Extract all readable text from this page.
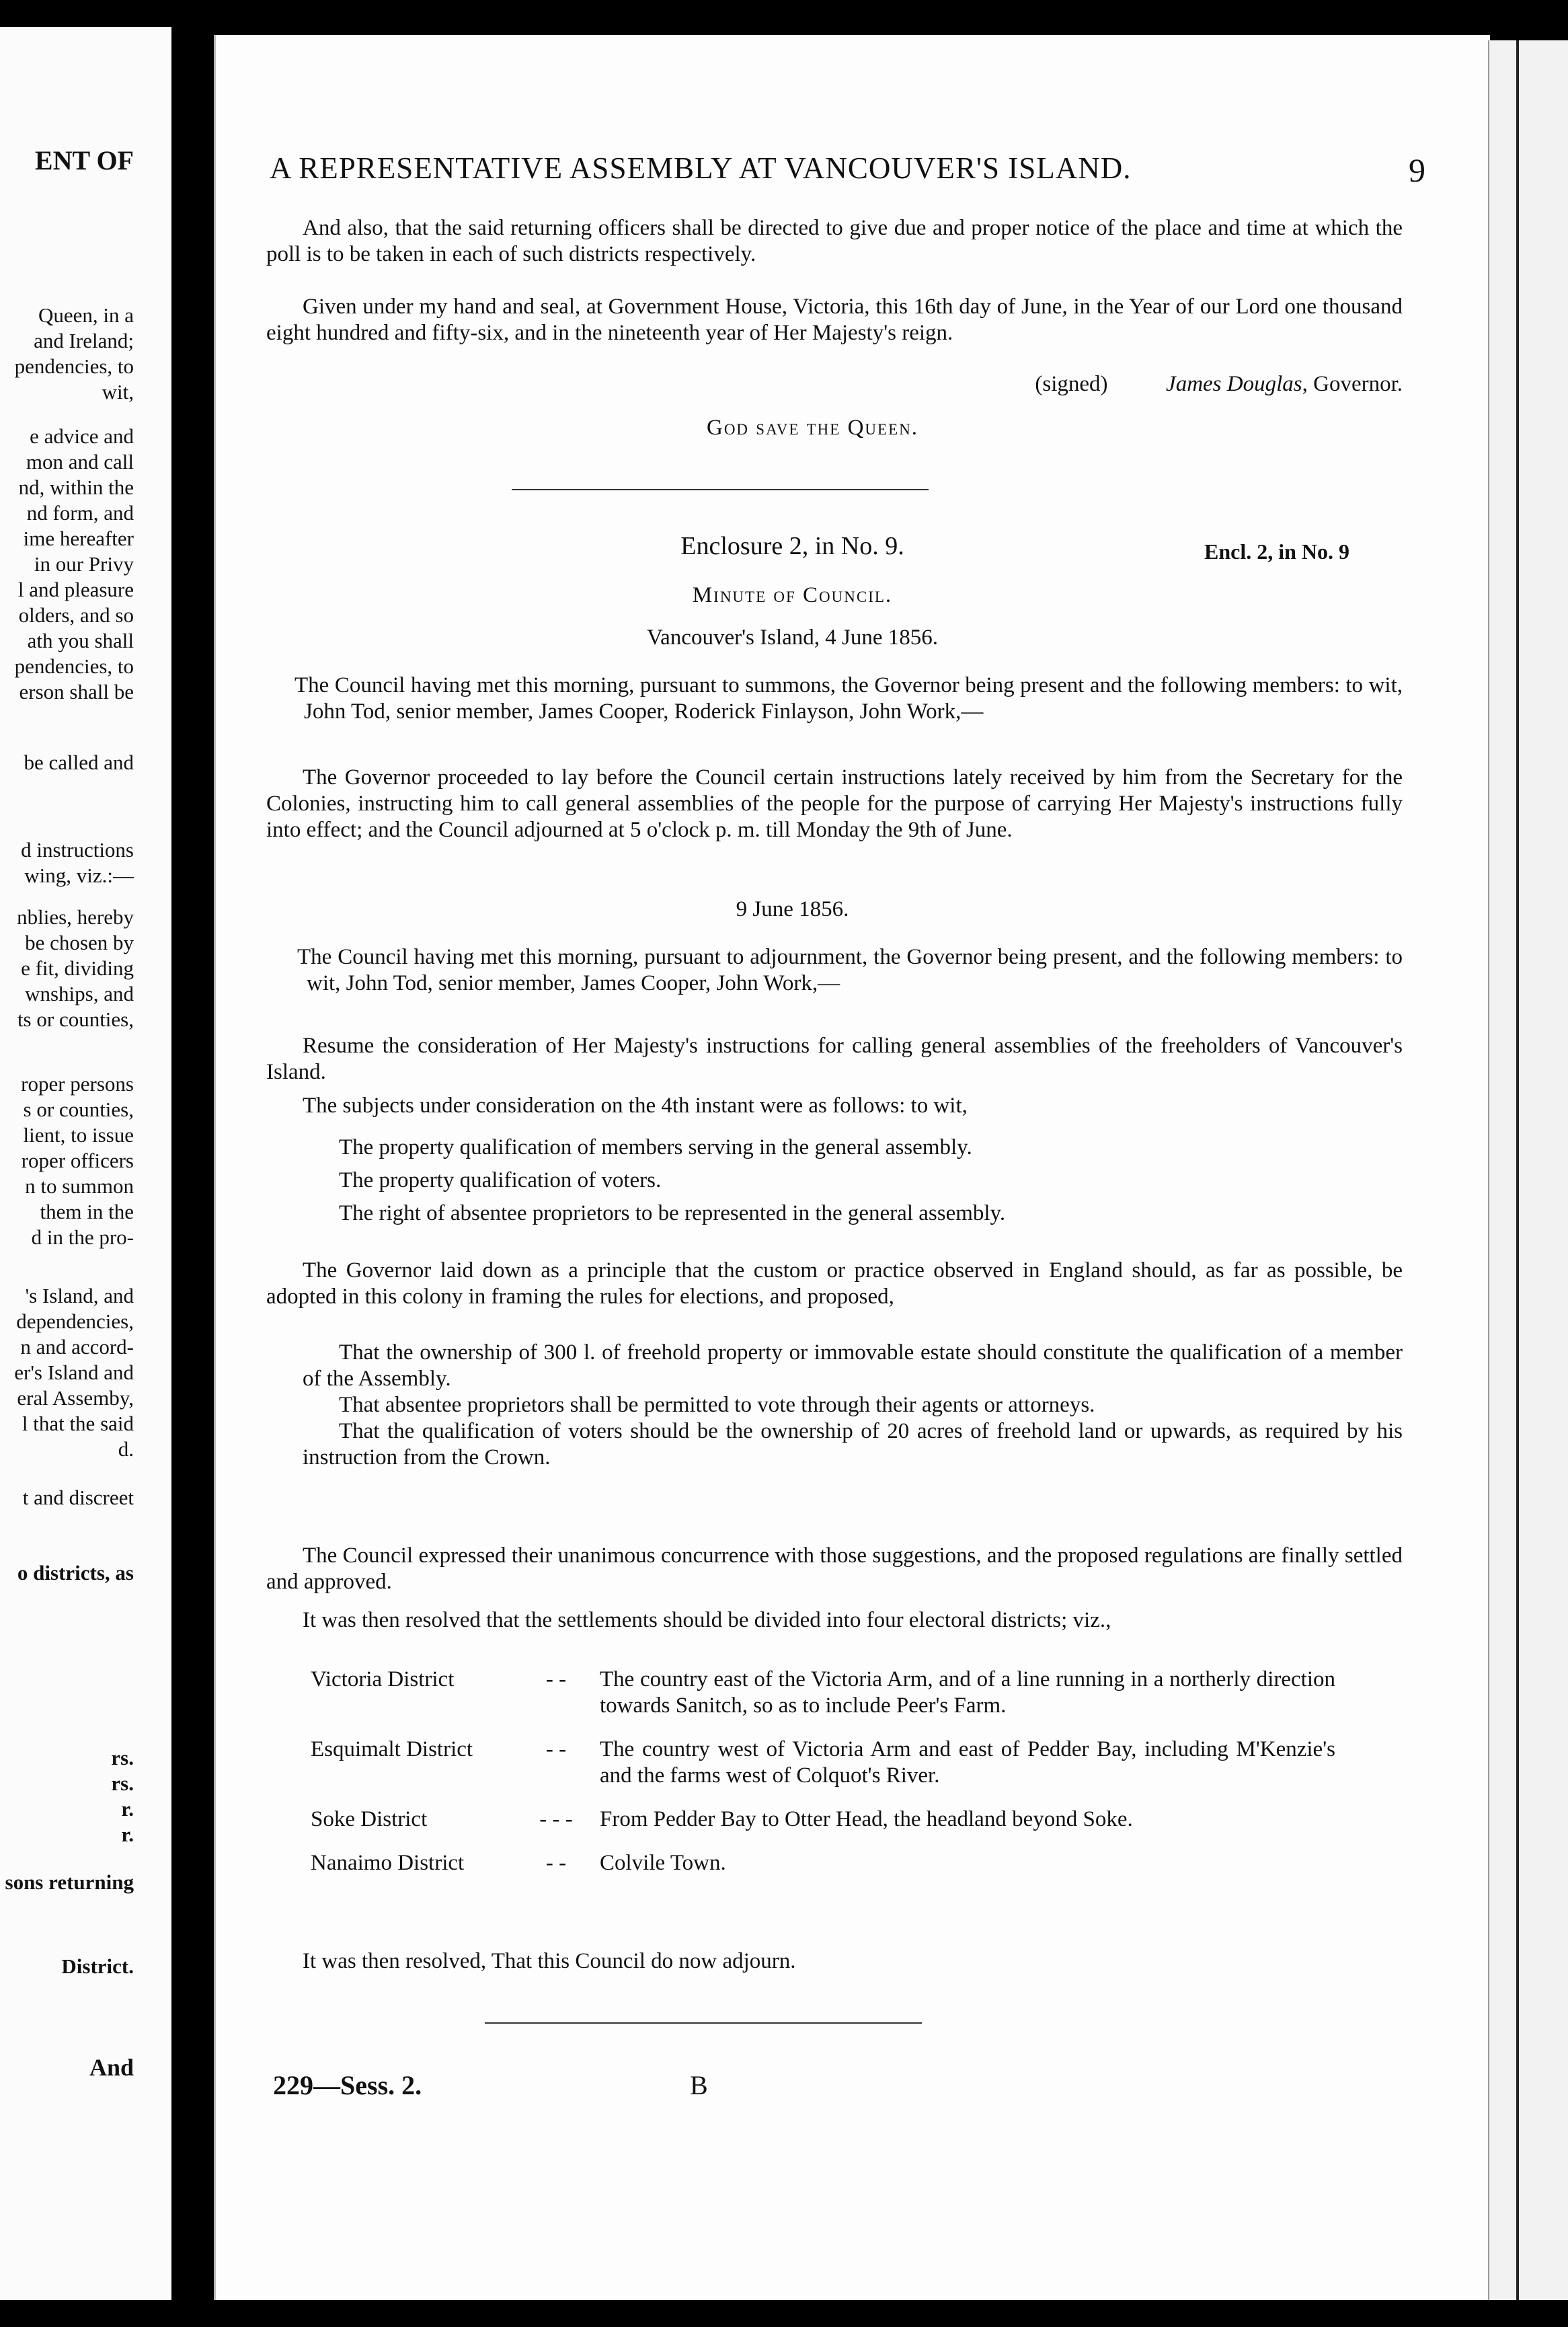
ENT OF
Queen, in a
and Ireland;
pendencies, to
wit,
e advice and
mon and call
nd, within the
nd form, and
ime hereafter
in our Privy
l and pleasure
olders, and so
ath you shall
pendencies, to
erson shall be
be called and
d instructions
wing, viz.:—
nblies, hereby
be chosen by
e fit, dividing
wnships, and
ts or counties,
roper persons
s or counties,
lient, to issue
roper officers
n to summon
them in the
d in the pro-
's Island, and
dependencies,
n and accord-
er's Island and
eral Assemby,
l that the said
d.
t and discreet
o districts, as
rs.
rs.
r.
r.
sons returning
District.
And
A REPRESENTATIVE ASSEMBLY AT VANCOUVER'S ISLAND.	9

And also, that the said returning officers shall be directed to give due and proper notice of the place and time at which the poll is to be taken in each of such districts respectively.

Given under my hand and seal, at Government House, Victoria, this 16th day of June, in the Year of our Lord one thousand eight hundred and fifty-six, and in the nineteenth year of Her Majesty's reign.

(signed)	James Douglas, Governor.
God save the Queen.
Enclosure 2, in No. 9.	Encl. 2, in No. 9
Minute of Council.
Vancouver's Island, 4 June 1856.

The Council having met this morning, pursuant to summons, the Governor being present and the following members: to wit, John Tod, senior member, James Cooper, Roderick Finlayson, John Work,—

The Governor proceeded to lay before the Council certain instructions lately received by him from the Secretary for the Colonies, instructing him to call general assemblies of the people for the purpose of carrying Her Majesty's instructions fully into effect; and the Council adjourned at 5 o'clock p. m. till Monday the 9th of June.

9 June 1856.

The Council having met this morning, pursuant to adjournment, the Governor being present, and the following members: to wit, John Tod, senior member, James Cooper, John Work,—

Resume the consideration of Her Majesty's instructions for calling general assemblies of the freeholders of Vancouver's Island.

The subjects under consideration on the 4th instant were as follows: to wit,

The property qualification of members serving in the general assembly.
The property qualification of voters.
The right of absentee proprietors to be represented in the general assembly.

The Governor laid down as a principle that the custom or practice observed in England should, as far as possible, be adopted in this colony in framing the rules for elections, and proposed,

That the ownership of 300 l. of freehold property or immovable estate should constitute the qualification of a member of the Assembly.

That absentee proprietors shall be permitted to vote through their agents or attorneys.

That the qualification of voters should be the ownership of 20 acres of freehold land or upwards, as required by his instruction from the Crown.

The Council expressed their unanimous concurrence with those suggestions, and the proposed regulations are finally settled and approved.

It was then resolved that the settlements should be divided into four electoral districts; viz.,

Victoria District	- -	The country east of the Victoria Arm, and of a line running in a northerly direction towards Sanitch, so as to include Peer's Farm.
Esquimalt District	- -	The country west of Victoria Arm and east of Pedder Bay, including M'Kenzie's and the farms west of Colquot's River.
Soke District	- - -	From Pedder Bay to Otter Head, the headland beyond Soke.
Nanaimo District	- -	Colvile Town.

It was then resolved, That this Council do now adjourn.

229—Sess. 2.	B
